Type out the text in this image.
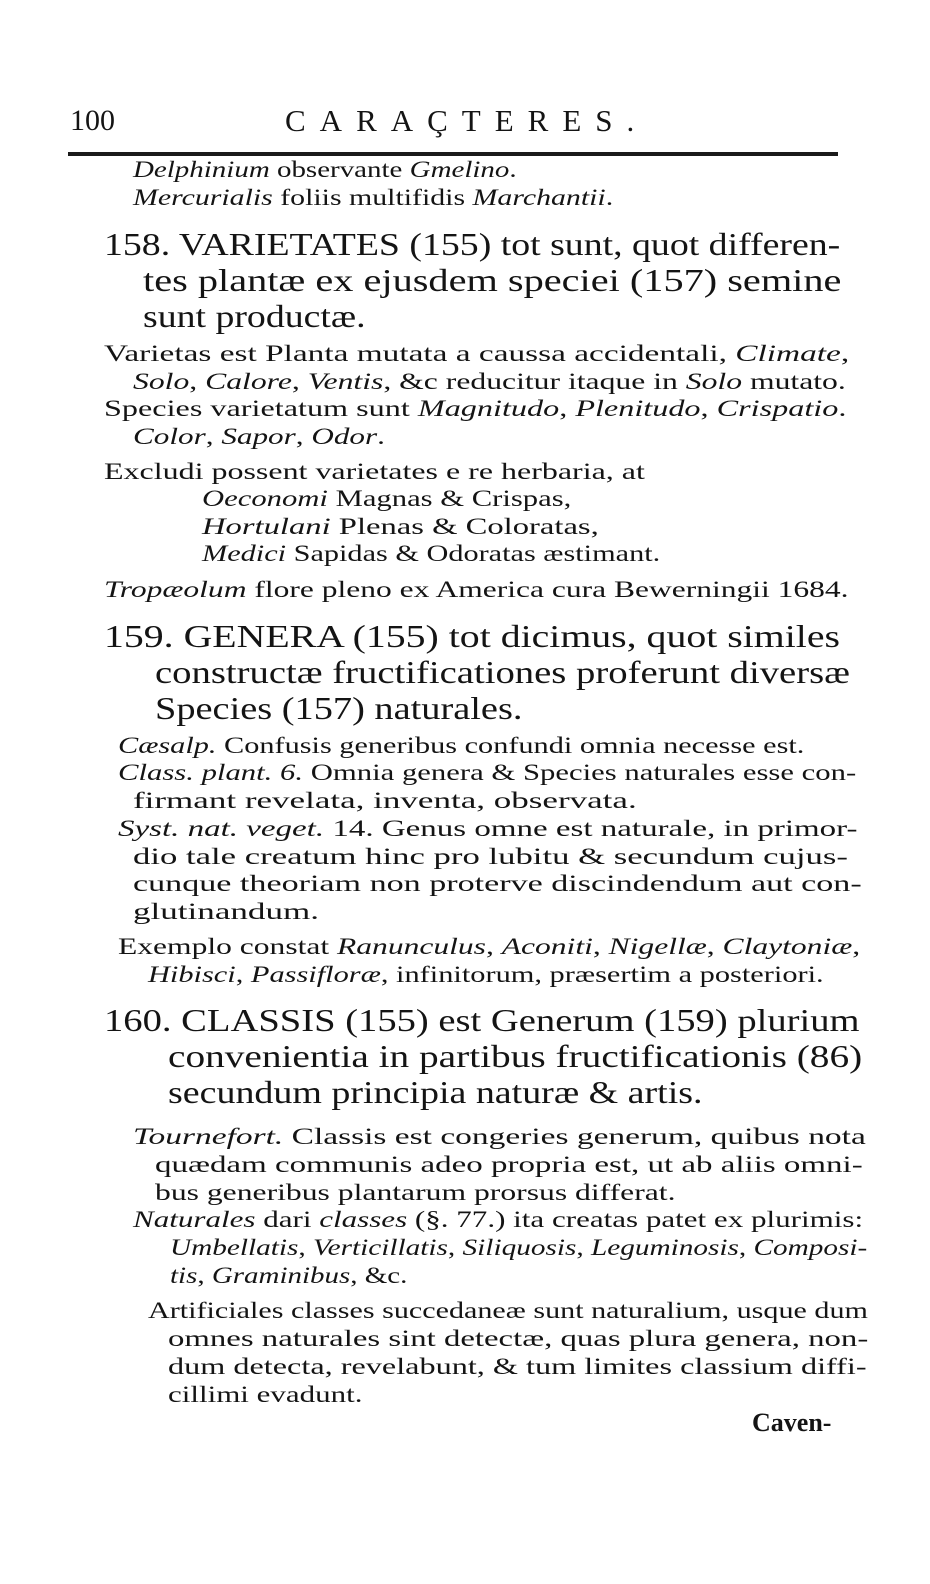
100	CARAÇTERES.
Delphinium observante Gmelino.
Mercurialis foliis multifidis Marchantii.
158. VARIETATES (155) tot sunt, quot differen-
tes plantæ ex ejusdem speciei (157) semine
sunt productæ.
Varietas est Planta mutata a caussa accidentali, Climate,
Solo, Calore, Ventis, &c reducitur itaque in Solo mutato.
Species varietatum sunt Magnitudo, Plenitudo, Crispatio.
Color, Sapor, Odor.
Excludi possent varietates e re herbaria, at
Oeconomi Magnas & Crispas,
Hortulani Plenas & Coloratas,
Medici Sapidas & Odoratas æstimant.
Tropæolum flore pleno ex America cura Bewerningii 1684.
159. GENERA (155) tot dicimus, quot similes
constructæ fructificationes proferunt diversæ
Species (157) naturales.
Cæsalp. Confusis generibus confundi omnia necesse est.
Class. plant. 6. Omnia genera & Species naturales esse con-
firmant revelata, inventa, observata.
Syst. nat. veget. 14. Genus omne est naturale, in primor-
dio tale creatum hinc pro lubitu & secundum cujus-
cunque theoriam non proterve discindendum aut con-
glutinandum.
Exemplo constat Ranunculus, Aconiti, Nigellæ, Claytoniæ,
Hibisci, Passifloræ, infinitorum, præsertim a posteriori.
160. CLASSIS (155) est Generum (159) plurium
convenientia in partibus fructificationis (86)
secundum principia naturæ & artis.
Tournefort. Classis est congeries generum, quibus nota
quædam communis adeo propria est, ut ab aliis omni-
bus generibus plantarum prorsus differat.
Naturales dari classes (§. 77.) ita creatas patet ex plurimis:
Umbellatis, Verticillatis, Siliquosis, Leguminosis, Composi-
tis, Graminibus, &c.
Artificiales classes succedaneæ sunt naturalium, usque dum
omnes naturales sint detectæ, quas plura genera, non-
dum detecta, revelabunt, & tum limites classium diffi-
cillimi evadunt.
Caven-
